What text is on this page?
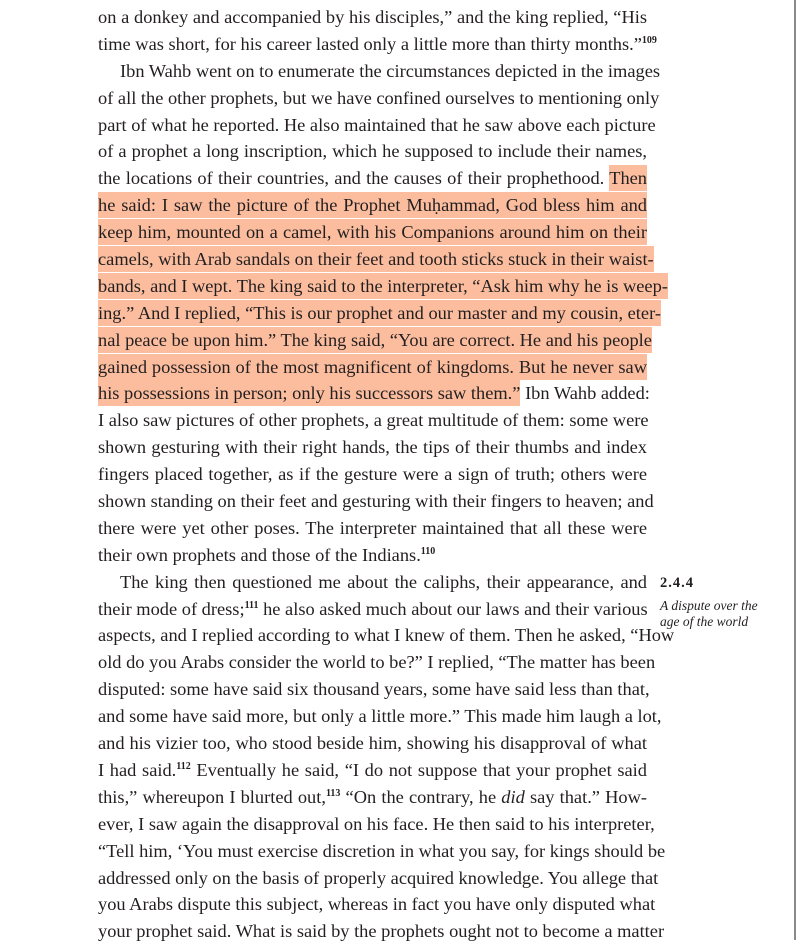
on a donkey and accompanied by his disciples,” and the king replied, “His
time was short, for his career lasted only a little more than thirty months.”$^{109}$
Ibn Wahb went on to enumerate the circumstances depicted in the images
of all the other prophets, but we have confined ourselves to mentioning only
part of what he reported. He also maintained that he saw above each picture
of a prophet a long inscription, which he supposed to include their names,
the locations of their countries, and the causes of their prophethood. Then
he said: I saw the picture of the Prophet Muḥammad, God bless him and
keep him, mounted on a camel, with his Companions around him on their
camels, with Arab sandals on their feet and tooth sticks stuck in their waist-
bands, and I wept. The king said to the interpreter, “Ask him why he is weep-
ing.” And I replied, “This is our prophet and our master and my cousin, eter-
nal peace be upon him.” The king said, “You are correct. He and his people
gained possession of the most magnificent of kingdoms. But he never saw
his possessions in person; only his successors saw them.” Ibn Wahb added:
I also saw pictures of other prophets, a great multitude of them: some were
shown gesturing with their right hands, the tips of their thumbs and index
fingers placed together, as if the gesture were a sign of truth; others were
shown standing on their feet and gesturing with their fingers to heaven; and
there were yet other poses. The interpreter maintained that all these were
their own prophets and those of the Indians.$^{110}$
The king then questioned me about the caliphs, their appearance, and
their mode of dress;$^{111}$ he also asked much about our laws and their various
aspects, and I replied according to what I knew of them. Then he asked, “How
old do you Arabs consider the world to be?” I replied, “The matter has been
disputed: some have said six thousand years, some have said less than that,
and some have said more, but only a little more.” This made him laugh a lot,
and his vizier too, who stood beside him, showing his disapproval of what
I had said.$^{112}$ Eventually he said, “I do not suppose that your prophet said
this,” whereupon I blurted out,$^{113}$ “On the contrary, he did say that.” How-
ever, I saw again the disapproval on his face. He then said to his interpreter,
“Tell him, ‘You must exercise discretion in what you say, for kings should be
addressed only on the basis of properly acquired knowledge. You allege that
you Arabs dispute this subject, whereas in fact you have only disputed what
your prophet said. What is said by the prophets ought not to become a matter
2.4.4
A dispute over the age of the world
